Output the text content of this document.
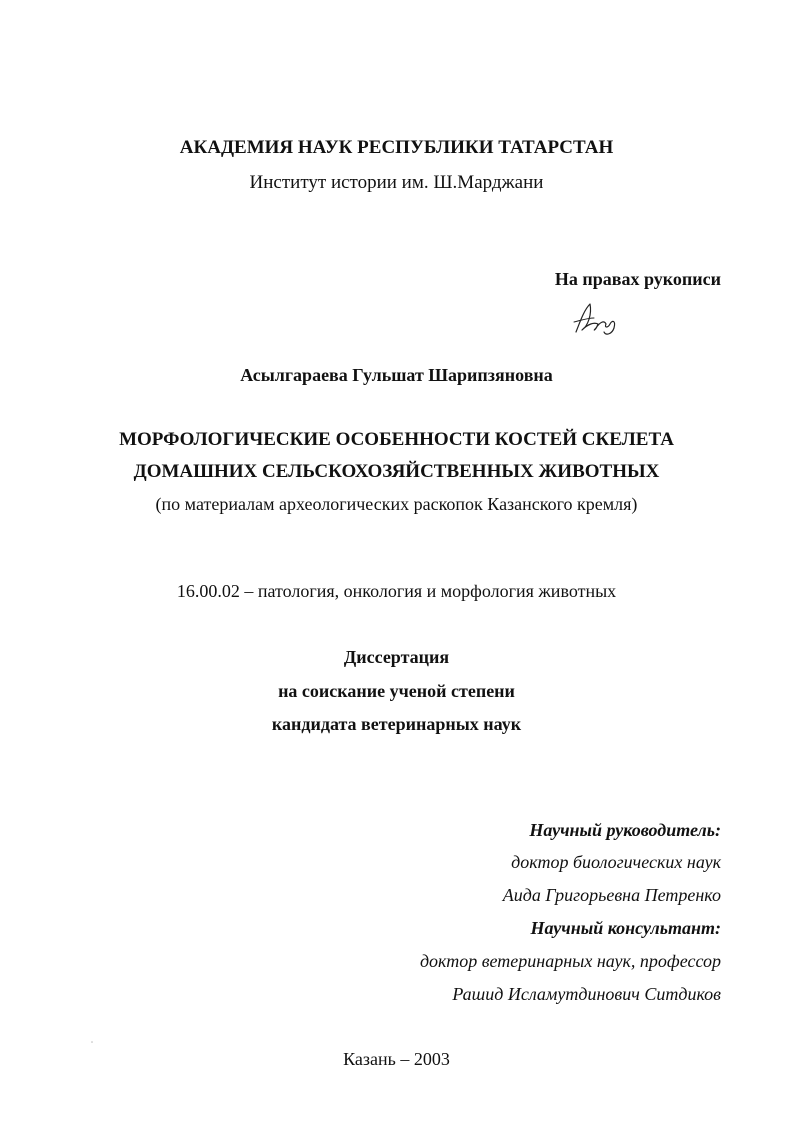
АКАДЕМИЯ НАУК РЕСПУБЛИКИ ТАТАРСТАН
Институт истории им. Ш.Марджани
На правах рукописи
Асылгараева Гульшат Шарипзяновна
МОРФОЛОГИЧЕСКИЕ ОСОБЕННОСТИ КОСТЕЙ СКЕЛЕТА
ДОМАШНИХ СЕЛЬСКОХОЗЯЙСТВЕННЫХ ЖИВОТНЫХ
(по материалам археологических раскопок Казанского кремля)
16.00.02 – патология, онкология и морфология животных
Диссертация
на соискание ученой степени
кандидата ветеринарных наук
Научный руководитель:
доктор биологических наук
Аида Григорьевна Петренко
Научный консультант:
доктор ветеринарных наук, профессор
Рашид Исламутдинович Ситдиков
Казань – 2003
